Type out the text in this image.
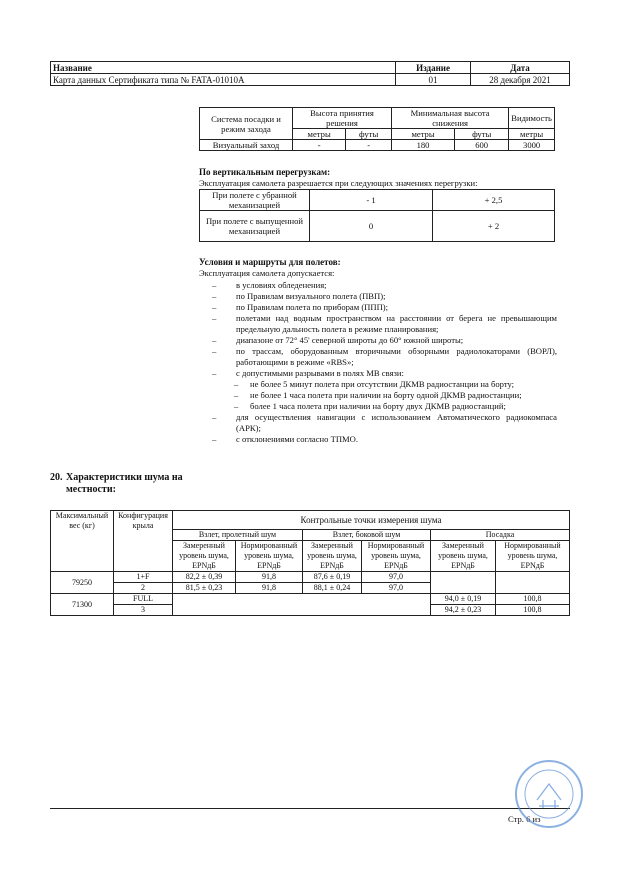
Название	Издание	Дата
Карта данных Сертификата типа № FATA-01010A	01	28 декабря 2021
Система посадки и режим захода	Высота принятия решения		Минимальная высота снижения		Видимость
	метры	футы	метры	футы	метры
Визуальный заход	-	-	180	600	3000
По вертикальным перегрузкам:
Эксплуатация самолета разрешается при следующих значениях перегрузки:
При полете с убранной механизацией	- 1	+ 2,5
При полете с выпущенной механизацией	0	+ 2
Условия и маршруты для полетов:
Эксплуатация самолета допускается:
– в условиях обледенения;
– по Правилам визуального полета (ПВП);
– по Правилам полета по приборам (ППП);
– полетами над водным пространством на расстоянии от берега не превышающим предельную дальность полета в режиме планирования;
– диапазоне от 72° 45' северной широты до 60° южной широты;
– по трассам, оборудованным вторичными обзорными радиолокаторами (ВОРЛ), работающими в режиме «RBS»;
– с допустимыми разрывами в полях МВ связи:
– не более 5 минут полета при отсутствии ДКМВ радиостанции на борту;
– не более 1 часа полета при наличии на борту одной ДКМВ радиостанции;
– более 1 часа полета при наличии на борту двух ДКМВ радиостанций;
– для осуществления навигации с использованием Автоматического радиокомпаса (АРК);
– с отклонениями согласно ТПМО.
20. Характеристики шума на местности:
Максимальный вес (кг)	Конфигурация крыла	Контрольные точки измерения шума					
		Взлет, пролетный шум		Взлет, боковой шум		Посадка	
		Замеренный уровень шума, EPNдБ	Нормированный уровень шума, EPNдБ	Замеренный уровень шума, EPNдБ	Нормированный уровень шума, EPNдБ	Замеренный уровень шума, EPNдБ	Нормированный уровень шума, EPNдБ
79250	1+F	82,2 ± 0,39	91,8	87,6 ± 0,19	97,0		
	2	81,5 ± 0,23	91,8	88,1 ± 0,24	97,0		
71300	FULL					94,0 ± 0,19	100,8
	3					94,2 ± 0,23	100,8
Стр. 6 из
